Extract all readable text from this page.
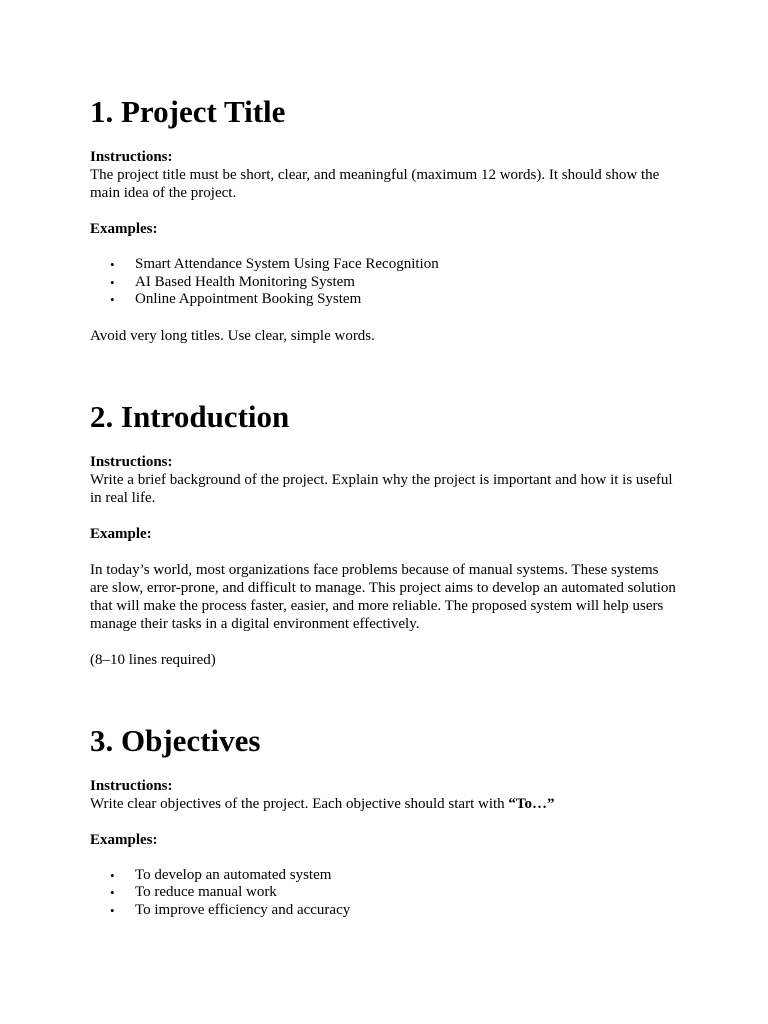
1. Project Title

Instructions:

The project title must be short, clear, and meaningful (maximum 12 words). It should show the main idea of the project.

Examples:

• Smart Attendance System Using Face Recognition
• AI Based Health Monitoring System
• Online Appointment Booking System

Avoid very long titles. Use clear, simple words.

2. Introduction

Instructions:

Write a brief background of the project. Explain why the project is important and how it is useful in real life.

Example:

In today’s world, most organizations face problems because of manual systems. These systems are slow, error-prone, and difficult to manage. This project aims to develop an automated solution that will make the process faster, easier, and more reliable. The proposed system will help users manage their tasks in a digital environment effectively.

(8–10 lines required)

3. Objectives

Instructions:

Write clear objectives of the project. Each objective should start with “To…”

Examples:

• To develop an automated system
• To reduce manual work
• To improve efficiency and accuracy
